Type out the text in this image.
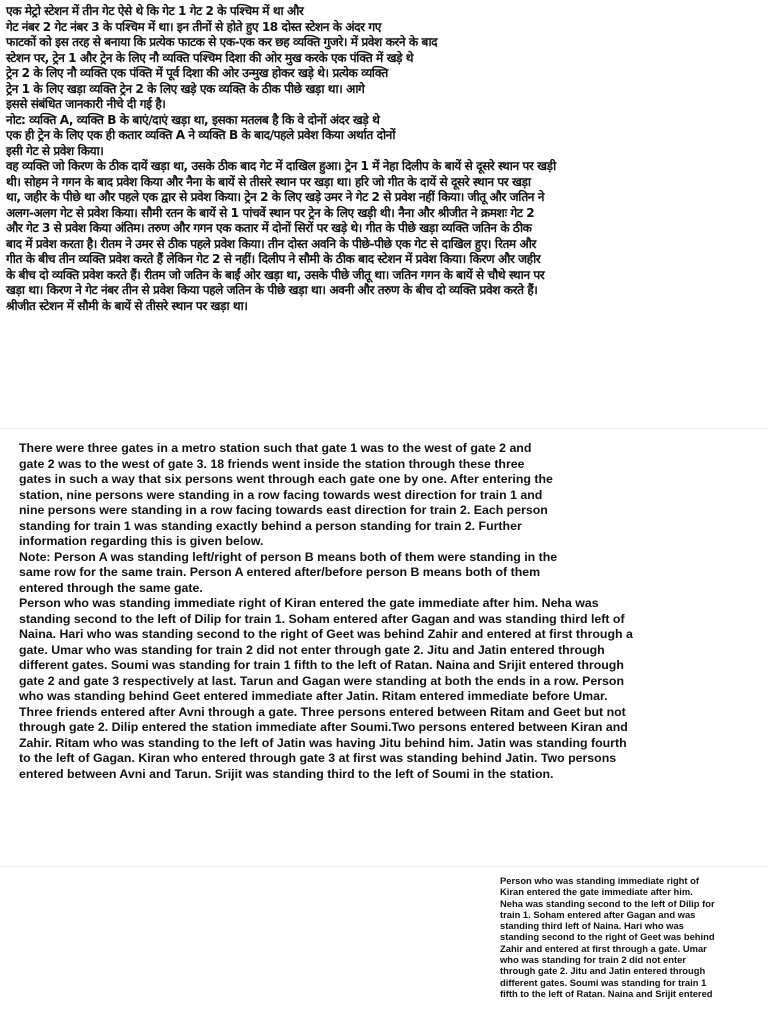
एक मेट्रो स्टेशन में तीन गेट ऐसे थे कि गेट 1 गेट 2 के पश्चिम में था और

गेट नंबर 2 गेट नंबर 3 के पश्चिम में था। इन तीनों से होते हुए 18 दोस्त स्टेशन के अंदर गए

फाटकों को इस तरह से बनाया कि प्रत्येक फाटक से एक-एक कर छह व्यक्ति गुजरे। में प्रवेश करने के बाद

स्टेशन पर, ट्रेन 1 और ट्रेन के लिए नौ व्यक्ति पश्चिम दिशा की ओर मुख करके एक पंक्ति में खड़े थे

ट्रेन 2 के लिए नौ व्यक्ति एक पंक्ति में पूर्व दिशा की ओर उन्मुख होकर खड़े थे। प्रत्येक व्यक्ति

ट्रेन 1 के लिए खड़ा व्यक्ति ट्रेन 2 के लिए खड़े एक व्यक्ति के ठीक पीछे खड़ा था। आगे

इससे संबंधित जानकारी नीचे दी गई है।

नोट: व्यक्ति A, व्यक्ति B के बाएं/दाएं खड़ा था, इसका मतलब है कि वे दोनों अंदर खड़े थे

एक ही ट्रेन के लिए एक ही कतार व्यक्ति A ने व्यक्ति B के बाद/पहले प्रवेश किया अर्थात दोनों

इसी गेट से प्रवेश किया।

वह व्यक्ति जो किरण के ठीक दायें खड़ा था, उसके ठीक बाद गेट में दाखिल हुआ। ट्रेन 1 में नेहा दिलीप के बायें से दूसरे स्थान पर खड़ी

थी। सोहम ने गगन के बाद प्रवेश किया और नैना के बायें से तीसरे स्थान पर खड़ा था। हरि जो गीत के दायें से दूसरे स्थान पर खड़ा

था, जहीर के पीछे था और पहले एक द्वार से प्रवेश किया। ट्रेन 2 के लिए खड़े उमर ने गेट 2 से प्रवेश नहीं किया। जीतू और जतिन ने

अलग-अलग गेट से प्रवेश किया। सौमी रतन के बायें से 1 पांचवें स्थान पर ट्रेन के लिए खड़ी थी। नैना और श्रीजीत ने क्रमशः गेट 2

और गेट 3 से प्रवेश किया अंतिम। तरुण और गगन एक कतार में दोनों सिरों पर खड़े थे। गीत के पीछे खड़ा व्यक्ति जतिन के ठीक

बाद में प्रवेश करता है। रीतम ने उमर से ठीक पहले प्रवेश किया। तीन दोस्त अवनि के पीछे-पीछे एक गेट से दाखिल हुए। रितम और

गीत के बीच तीन व्यक्ति प्रवेश करते हैं लेकिन गेट 2 से नहीं। दिलीप ने सौमी के ठीक बाद स्टेशन में प्रवेश किया। किरण और जहीर

के बीच दो व्यक्ति प्रवेश करते हैं। रीतम जो जतिन के बाईं ओर खड़ा था, उसके पीछे जीतू था। जतिन गगन के बायें से चौथे स्थान पर

खड़ा था। किरण ने गेट नंबर तीन से प्रवेश किया पहले जतिन के पीछे खड़ा था। अवनी और तरुण के बीच दो व्यक्ति प्रवेश करते हैं।

श्रीजीत स्टेशन में सौमी के बायें से तीसरे स्थान पर खड़ा था।

There were three gates in a metro station such that gate 1 was to the west of gate 2 and

gate 2 was to the west of gate 3. 18 friends went inside the station through these three

gates in such a way that six persons went through each gate one by one. After entering the

station, nine persons were standing in a row facing towards west direction for train 1 and

nine persons were standing in a row facing towards east direction for train 2. Each person

standing for train 1 was standing exactly behind a person standing for train 2. Further

information regarding this is given below.

Note: Person A was standing left/right of person B means both of them were standing in the

same row for the same train. Person A entered after/before person B means both of them

entered through the same gate.

Person who was standing immediate right of Kiran entered the gate immediate after him. Neha was

standing second to the left of Dilip for train 1. Soham entered after Gagan and was standing third left of

Naina. Hari who was standing second to the right of Geet was behind Zahir and entered at first through a

gate. Umar who was standing for train 2 did not enter through gate 2. Jitu and Jatin entered through

different gates. Soumi was standing for train 1 fifth to the left of Ratan. Naina and Srijit entered through

gate 2 and gate 3 respectively at last. Tarun and Gagan were standing at both the ends in a row. Person

who was standing behind Geet entered immediate after Jatin. Ritam entered immediate before Umar.

Three friends entered after Avni through a gate. Three persons entered between Ritam and Geet but not

through gate 2. Dilip entered the station immediate after Soumi.Two persons entered between Kiran and

Zahir. Ritam who was standing to the left of Jatin was having Jitu behind him. Jatin was standing fourth

to the left of Gagan. Kiran who entered through gate 3 at first was standing behind Jatin. Two persons

entered between Avni and Tarun. Srijit was standing third to the left of Soumi in the station.

Person who was standing immediate right of

Kiran entered the gate immediate after him.

Neha was standing second to the left of Dilip for

train 1. Soham entered after Gagan and was

standing third left of Naina. Hari who was

standing second to the right of Geet was behind

Zahir and entered at first through a gate. Umar

who was standing for train 2 did not enter

through gate 2. Jitu and Jatin entered through

different gates. Soumi was standing for train 1

fifth to the left of Ratan. Naina and Srijit entered
